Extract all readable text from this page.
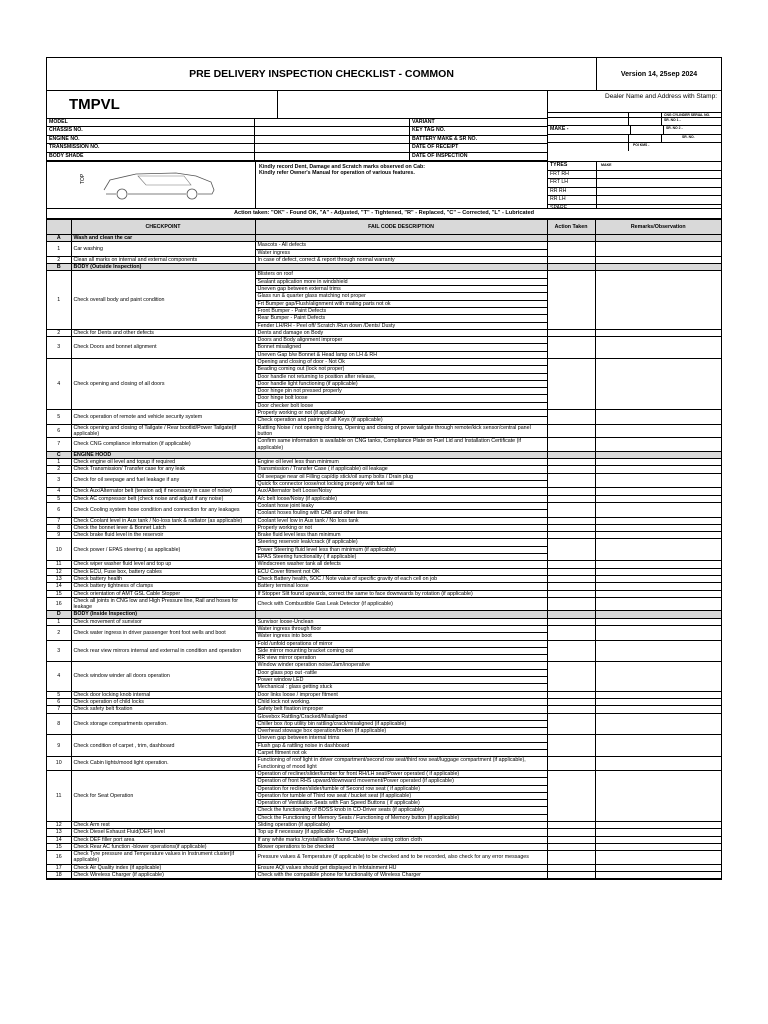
PRE DELIVERY INSPECTION CHECKLIST - COMMON	Version 14, 25sep 2024
TMPVL
MODEL	VARIANT
CHASSIS NO.	KEY TAG NO.
ENGINE NO.	BATTERY MAKE & SR NO.
TRANSMISSION NO.	DATE OF RECEIPT
BODY SHADE	DATE OF INSPECTION
Dealer Name and Address with Stamp:
CNG CYLINDER SERIAL NO.
SR. NO 1 -
MAKE -	SR. NO 2 -
SR. NO.
POI KMS -
TOP
Kindly record Dent, Damage and Scratch marks observed on Cab:
Kindly refer Owner's Manual for operation of various features.
TYRES
FRT RH
FRT LH
RR RH
RR LH
SPARE
MAKE
Action taken: "OK" - Found OK, "A" - Adjusted, "T" - Tightened, "R" - Replaced, "C" – Corrected, "L" - Lubricated
	CHECKPOINT	FAIL CODE DESCRIPTION	Action Taken	Remarks/Observation
A	Wash and clean the car			
1	Car washing	Mascots - All defects		
		Water ingress		
2	Clean all marks on internal and external components	In case of defect, correct & report through normal warranty		
B	BODY (Outside Inspection)			
1	Check overall body and paint condition	Blisters on roof		
		Sealant application more in windshield		
		Uneven gap between external trims		
		Glass run & quarter glass matching not proper		
		Frt Bumper gap/Flush/alignment with mating parts not ok		
		Front Bumper - Paint Defects		
		Rear Bumper - Paint Defects		
		Fender LH/RH - Peel off/ Scratch /Run down /Dents/ Dusty		
2	Check for Dents and other defects	Dents and damage on Body		
3	Check Doors and bonnet alignment	Doors and Body alignment improper		
		Bonnet misaligned		
		Uneven Gap b/w Bonnet & Head lamp on LH & RH		
4	Check opening and closing of all doors	Opening and closing of door - Not Ok		
		Beading coming out (lock not proper)		
		Door handle not returning to position after release,		
		Door handle light functioning (if applicable)		
		Door hinge pin not pressed properly		
		Door hinge bolt loose		
		Door checker bolt loose		
5	Check operation of remote and vehicle security system	Properly working or not (if applicable)		
		Check operation and pairing of all Keys (if applicable)		
6	Check opening and closing of Tailgate / Rear bootlid/Power Tailgate(if applicable)	Rattling Noise / not opening /closing, Opening and closing of power tailgate through remote/kick sensor/central panel button		
7	Check CNG compliance information (if applicable)	Confirm same information is available on CNG tanks, Compliance Plate on Fuel Lid and Installation Certificate (if applicable)		
C	ENGINE HOOD			
1	Check engine oil level and topup if required	Engine oil level less than minimum		
2	Check Transmission/ Transfer case for any leak	Transmission / Transfer Case ( if applicable) oil leakage		
3	Check for oil seepage and fuel leakage if any	Oil seepage near oil Filling cap/dip stick/oil sump bolts / Drain plug		
		Quick fix connector loose/not locking properly with fuel rail		
4	Check Aux/Alternator belt (tension adj if necessary in case of noise)	Aux/Alternator belt Loose/Noisy		
5	Check AC compressor belt (check noise and adjust if any noise)	A/c belt loose/Noisy (if applicable)		
6	Check Cooling system hose condition and connection for any leakages	Coolant hose joint leaky		
		Coolant hoses fouling with CAB and other lines		
7	Check Coolant level in Aux tank / No-loss tank & radiator (as applicable)	Coolant level low in Aux tank / No loss tank		
8	Check the bonnet lever & Bonnet Latch	Properly working or not		
9	Check brake fluid level in the reservoir	Brake fluid level less than minimum		
10	Check power / EPAS steering ( as applicable)	Steering reservoir leak/crack (if applicable)		
		Power Steering fluid level less than minimum (if applicable)		
		EPAS Steering functionality ( if applicable)		
11	Check wiper washer fluid level and top up	Windscreen washer tank all defects		
12	Check ECU, Fuse box, battery cables	ECU Cover fitment not OK		
13	Check battery health	Check Battery health, SOC / Note value of specific gravity of each cell on job		
14	Check battery tightness of clamps	Battery terminal loose		
15	Check orientation of AMT GSL Cable Stopper	If Stopper Slit found upwards, correct the same to face downwards by rotation (if applicable)		
16	Check all joints in CNG low and High Pressure line, Rail and hoses for leakage	Check with Combustible Gas Leak Detector (if applicable)		
D	BODY (Inside Inspection)			
1	Check movement of sunvisor	Sunvisor loose-Unclean		
2	Check water ingress in driver passenger front foot wells and boot	Water ingress through floor		
		Water ingress into boot		
3	Check rear view mirrors internal and external in condition and operation	Fold /unfold operations of mirror		
		Side mirror mounting bracket coming out		
		RR view mirror operation		
4	Check window winder all doors operation	Window winder operation noise/Jam/inoperative		
		Door glass pop out -rattle		
		Power window LED		
		Mechanical : glass getting stuck		
5	Check door locking knob internal	Door links loose / improper fitment		
6	Check operation of child locks	Child lock not working.		
7	Check safety belt fixation	Safety belt fixation improper		
8	Check storage compartments operation.	Glovebox Rattling/Cracked/Misaligned		
		Chiller box /top utility bin rattling/crack/misaligned (if applicable)		
		Overhead stowage box operation/broken (if applicable)		
9	Check condition of carpet , trim, dashboard	Uneven gap between internal trims		
		Flush gap & rattling noise in dashboard		
		Carpet fitment not ok		
10	Check Cabin lights/mood light operation.	Functioning of roof light in driver compartment/second row seat/third row seat/luggage compartment (if applicable), Functioning of mood light		
11	Check for Seat Operation	Operation of recliner/slider/lumber for front RH/LH seat/Power operated ( if applicable)		
		Operation of front RHS upward/downward movement/Power operated (if applicable)		
		Operation for recliner/slider/tumble of Second row seat ( if applicable)		
		Operation for tumble of Third row seat / bucket seat (if applicable)		
		Operation of Ventilation Seats with Fan Speed Buttons ( if applicable)		
		Check the functionality of BOSS knob in CO-Driver seats (if applicable)		
		Check the Functioning of Memory Seats / Functioning of Memory button (if applicable)		
12	Check Arm rest	Sliding operation (if applicable)		
13	Check Diesel Exhaust Fluid(DEF) level	Top up if necessary (if applicable - Chargeable)		
14	Check DEF filler port area	If any white marks /crystallisation found- Clean/wipe using cotton cloth		
15	Check Rear AC function -blower operations(if applicable)	Blower operations to be checked		
16	Check Tyre pressure and Temperature values in Instrument cluster(if applicable)	Pressure values & Temperature (if applicable) to be checked and to be recorded, also check for any error messages		
17	Check Air Quality index (if applicable)	Ensure AQI values should get displayed in Infotainment HU		
18	Check Wireless Charger (if applicable)	Check with the compatible phone for functionality of Wireless Charger		
